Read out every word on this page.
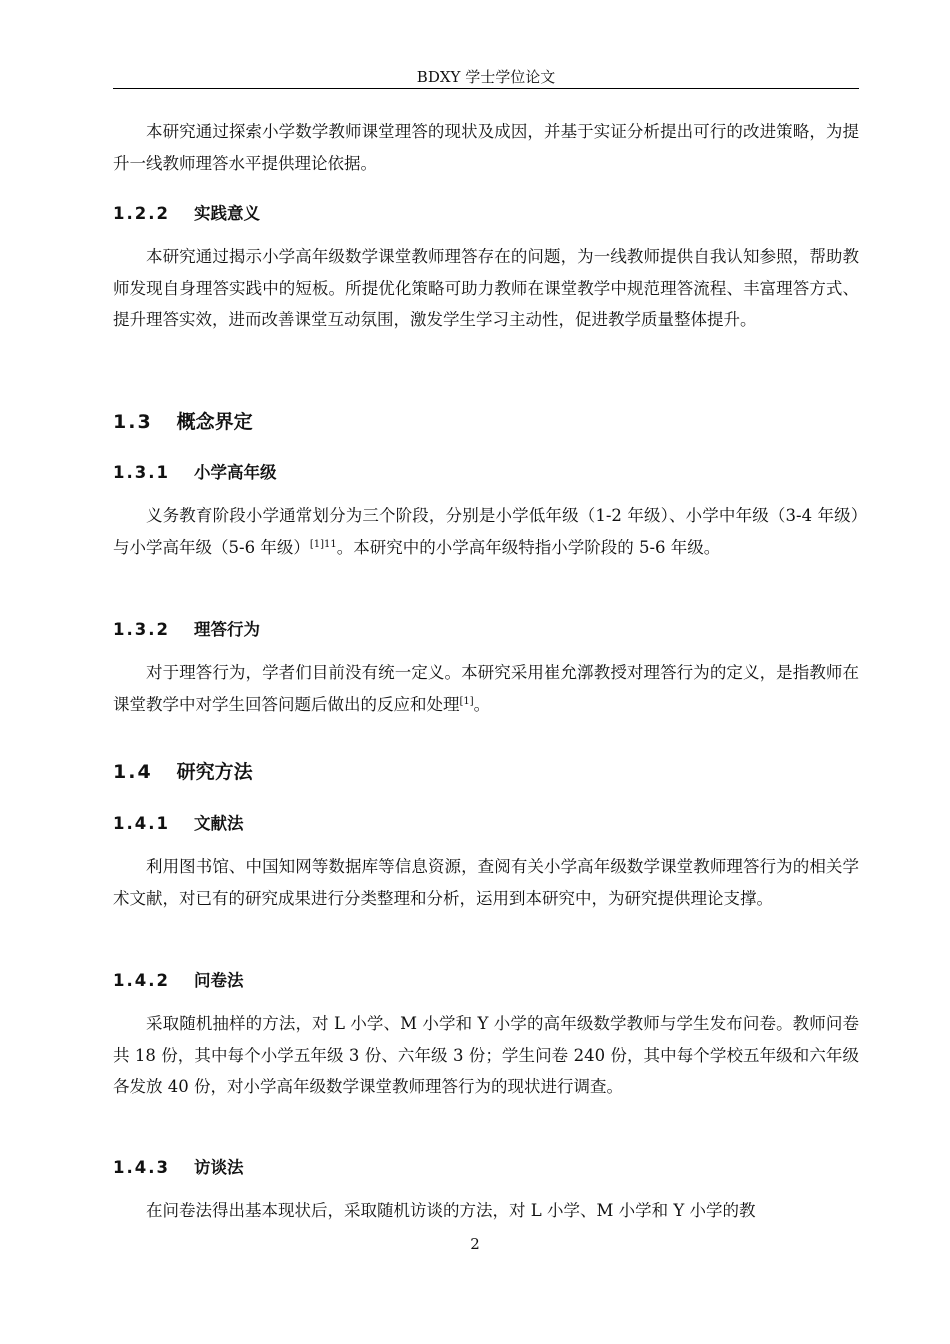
BDXY 学士学位论文

本研究通过探索小学数学教师课堂理答的现状及成因，并基于实证分析提出可行的改进策略，为提升一线教师理答水平提供理论依据。

1.2.2 实践意义

本研究通过揭示小学高年级数学课堂教师理答存在的问题，为一线教师提供自我认知参照，帮助教师发现自身理答实践中的短板。所提优化策略可助力教师在课堂教学中规范理答流程、丰富理答方式、提升理答实效，进而改善课堂互动氛围，激发学生学习主动性，促进教学质量整体提升。

1.3 概念界定
1.3.1 小学高年级

义务教育阶段小学通常划分为三个阶段，分别是小学低年级（1-2 年级）、小学中年级（3-4 年级）与小学高年级（5-6 年级）$^{[1]11}$。本研究中的小学高年级特指小学阶段的 5-6 年级。

1.3.2 理答行为

对于理答行为，学者们目前没有统一定义。本研究采用崔允漷教授对理答行为的定义，是指教师在课堂教学中对学生回答问题后做出的反应和处理[1]。

1.4 研究方法
1.4.1 文献法

利用图书馆、中国知网等数据库等信息资源，查阅有关小学高年级数学课堂教师理答行为的相关学术文献，对已有的研究成果进行分类整理和分析，运用到本研究中，为研究提供理论支撑。

1.4.2 问卷法

采取随机抽样的方法，对 L 小学、M 小学和 Y 小学的高年级数学教师与学生发布问卷。教师问卷共 18 份，其中每个小学五年级 3 份、六年级 3 份；学生问卷 240 份，其中每个学校五年级和六年级各发放 40 份，对小学高年级数学课堂教师理答行为的现状进行调查。

1.4.3 访谈法

在问卷法得出基本现状后，采取随机访谈的方法，对 L 小学、M 小学和 Y 小学的教

2
